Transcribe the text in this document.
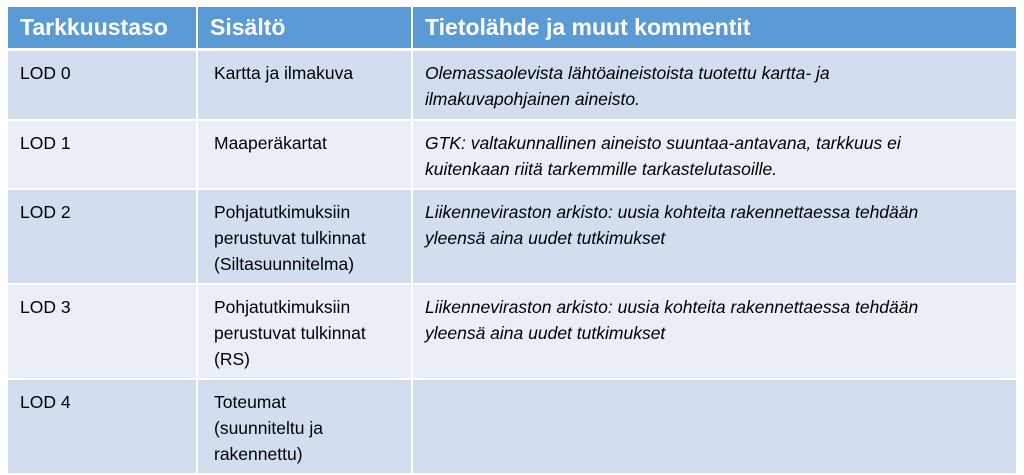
Tarkkuustaso	Sisältö	Tietolähde ja muut kommentit
LOD 0	Kartta ja ilmakuva	Olemassaolevista lähtöaineistoista tuotettu kartta- ja
ilmakuvapohjainen aineisto.

LOD 1	Maaperäkartat	GTK: valtakunnallinen aineisto suuntaa-antavana, tarkkuus ei
kuitenkaan riitä tarkemmille tarkastelutasoille.

LOD 2	Pohjatutkimuksiin
perustuvat tulkinnat
(Siltasuunnitelma)	Liikenneviraston arkisto: uusia kohteita rakennettaessa tehdään
yleensä aina uudet tutkimukset

LOD 3	Pohjatutkimuksiin
perustuvat tulkinnat
(RS)	Liikenneviraston arkisto: uusia kohteita rakennettaessa tehdään
yleensä aina uudet tutkimukset

LOD 4	Toteumat
(suunniteltu ja
rakennettu)	
